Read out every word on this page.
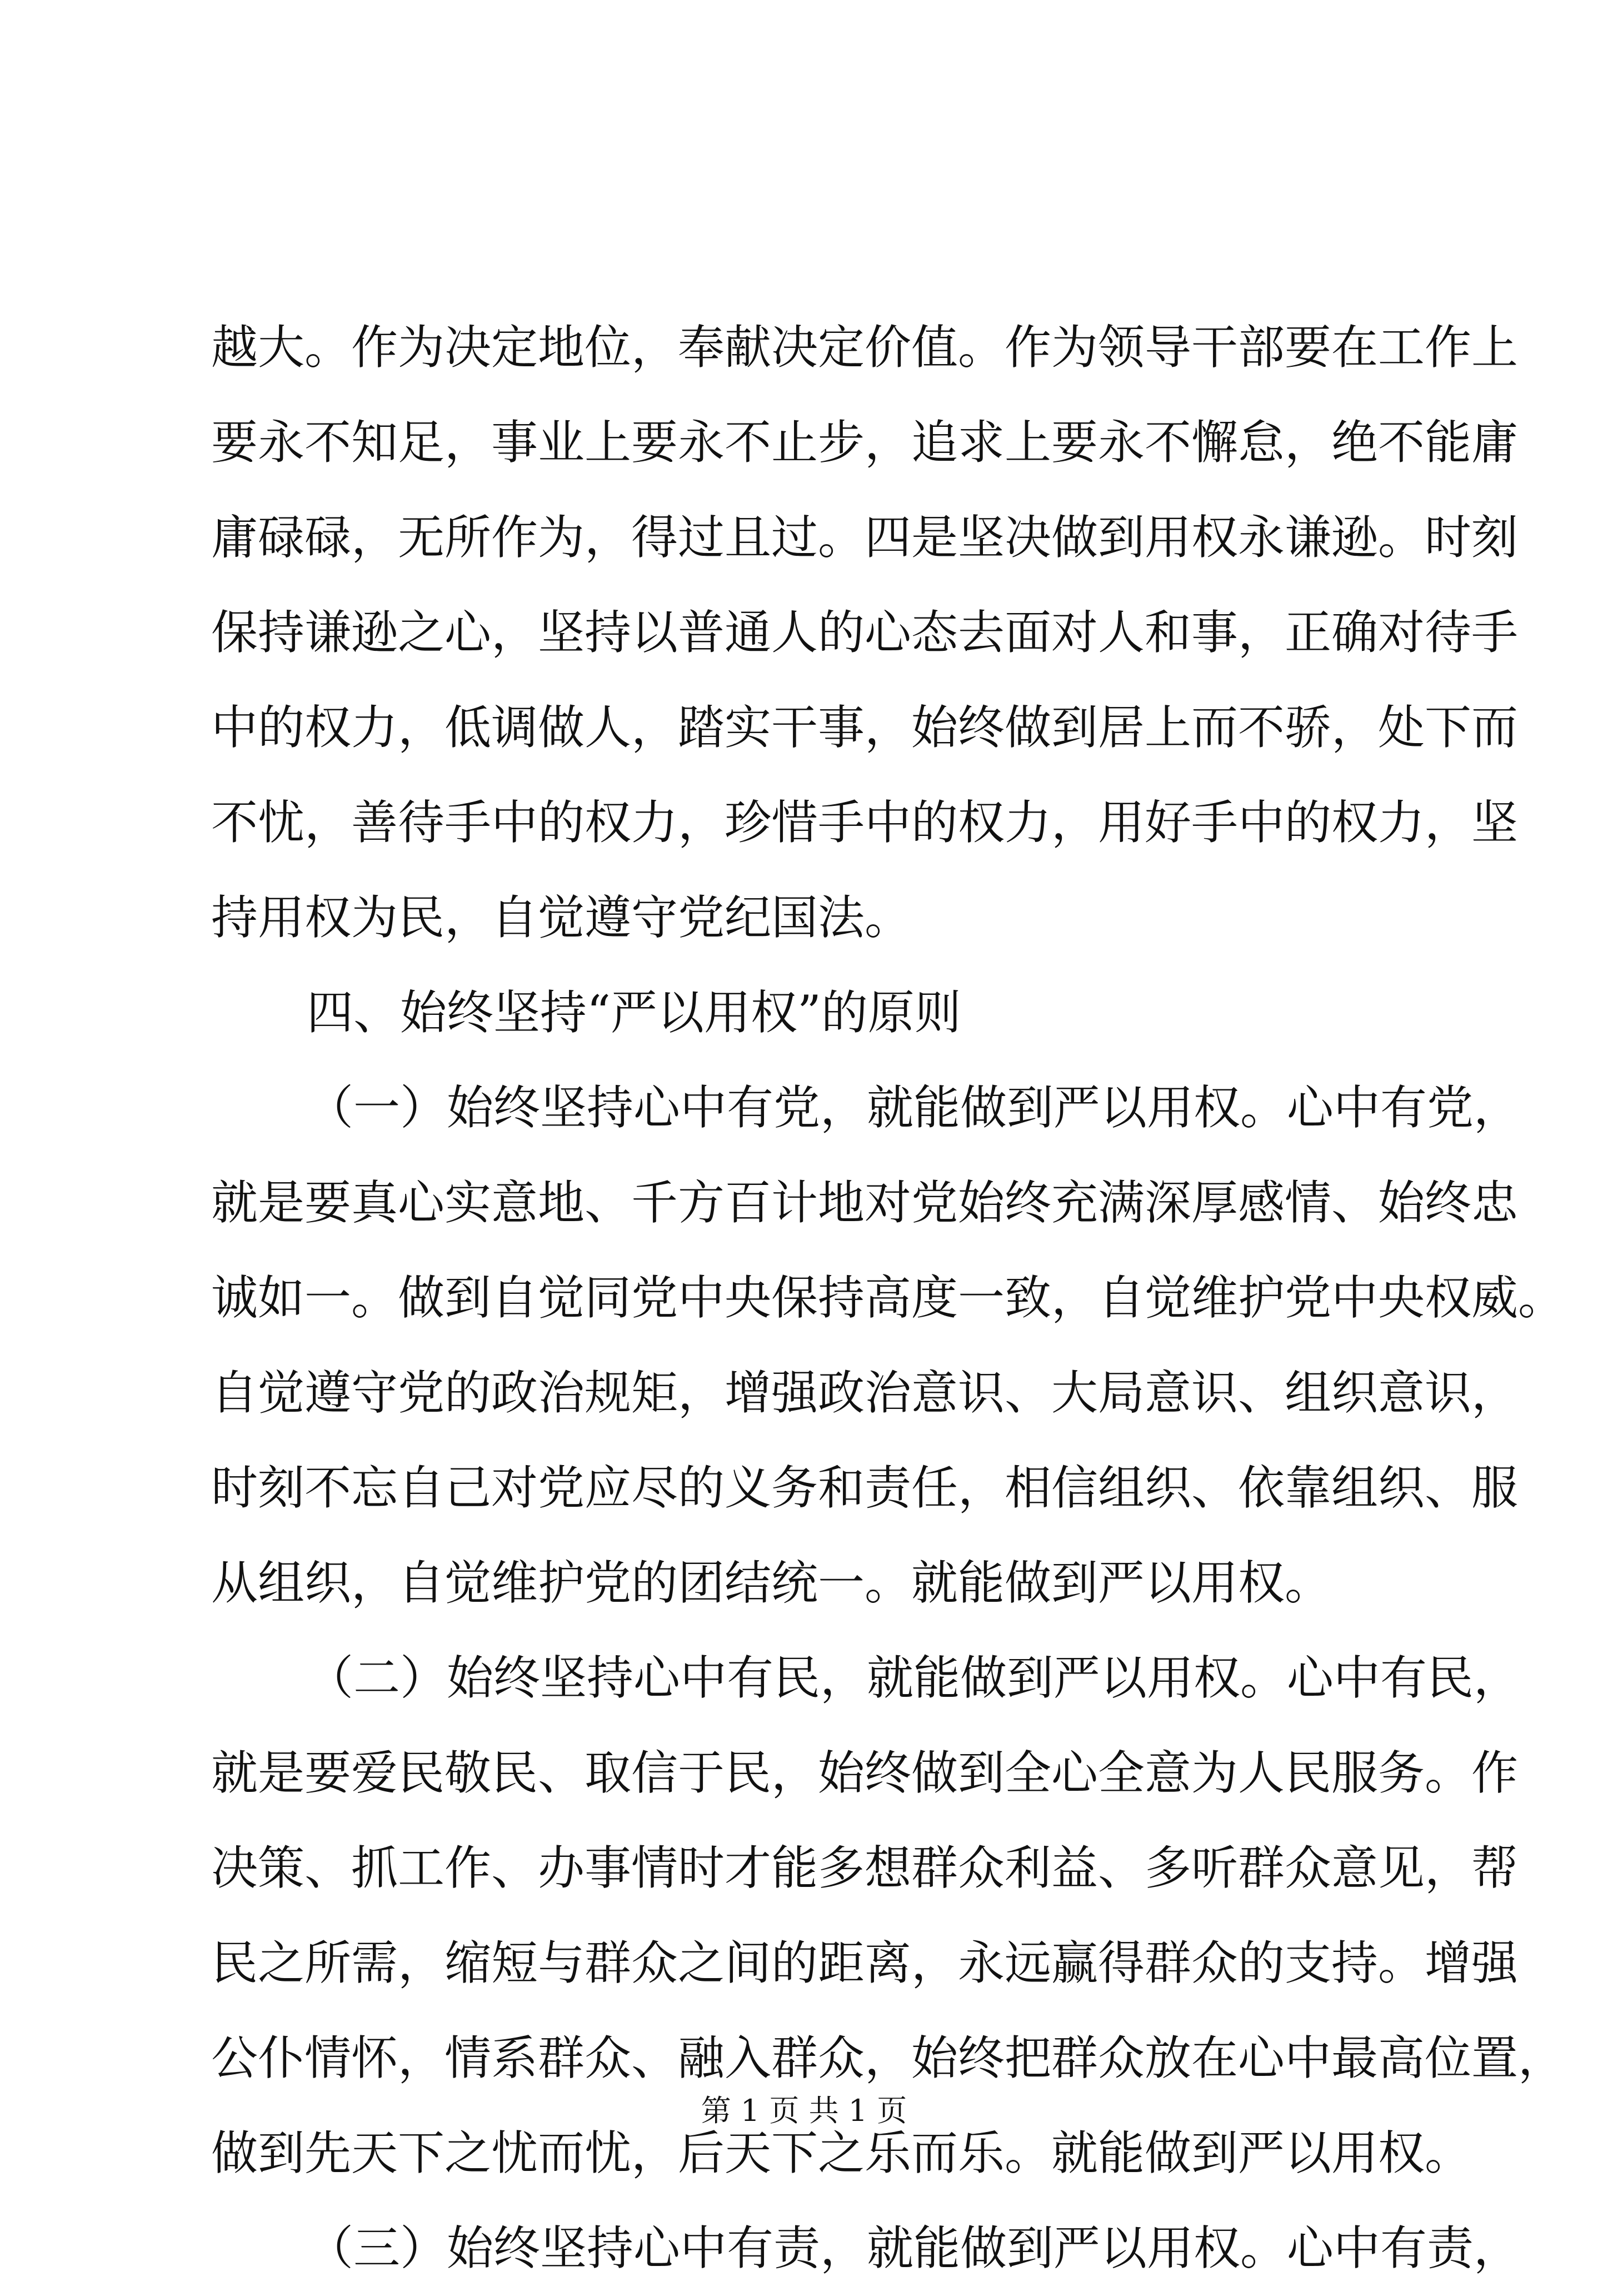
越大。作为决定地位，奉献决定价值。作为领导干部要在工作上
要永不知足，事业上要永不止步，追求上要永不懈怠，绝不能庸
庸碌碌，无所作为，得过且过。四是坚决做到用权永谦逊。时刻
保持谦逊之心，坚持以普通人的心态去面对人和事，正确对待手
中的权力，低调做人，踏实干事，始终做到居上而不骄，处下而
不忧，善待手中的权力，珍惜手中的权力，用好手中的权力，坚
持用权为民，自觉遵守党纪国法。
四、始终坚持“严以用权”的原则
（一）始终坚持心中有党，就能做到严以用权。心中有党，
就是要真心实意地、千方百计地对党始终充满深厚感情、始终忠
诚如一。做到自觉同党中央保持高度一致，自觉维护党中央权威。
自觉遵守党的政治规矩，增强政治意识、大局意识、组织意识，
时刻不忘自己对党应尽的义务和责任，相信组织、依靠组织、服
从组织，自觉维护党的团结统一。就能做到严以用权。
（二）始终坚持心中有民，就能做到严以用权。心中有民，
就是要爱民敬民、取信于民，始终做到全心全意为人民服务。作
决策、抓工作、办事情时才能多想群众利益、多听群众意见，帮
民之所需，缩短与群众之间的距离，永远赢得群众的支持。增强
公仆情怀，情系群众、融入群众，始终把群众放在心中最高位置，
做到先天下之忧而忧，后天下之乐而乐。就能做到严以用权。
（三）始终坚持心中有责，就能做到严以用权。心中有责，
第 1 页 共 1 页
